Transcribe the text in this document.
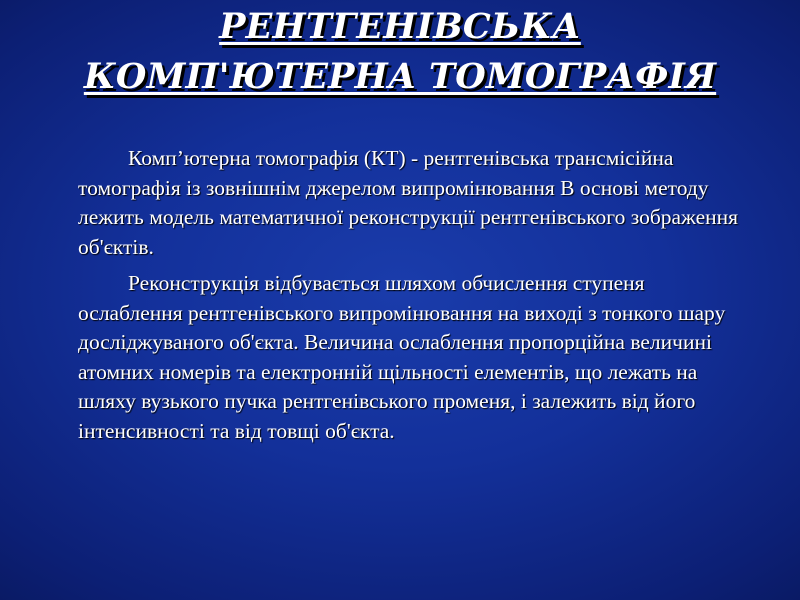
РЕНТГЕНІВСЬКА
КОМП'ЮТЕРНА ТОМОГРАФІЯ

Комп’ютерна томографія (КТ) - рентгенівська трансмісійна томографія із зовнішнім джерелом випромінювання В основі методу лежить модель математичної реконструкції рентгенівського зображення об'єктів.

Реконструкція відбувається шляхом обчислення ступеня ослаблення рентгенівського випромінювання на виході з тонкого шару досліджуваного об'єкта. Величина ослаблення пропорційна величині атомних номерів та електронній щільності елементів, що лежать на шляху вузького пучка рентгенівського променя, і залежить від його інтенсивності та від товщі об'єкта.
